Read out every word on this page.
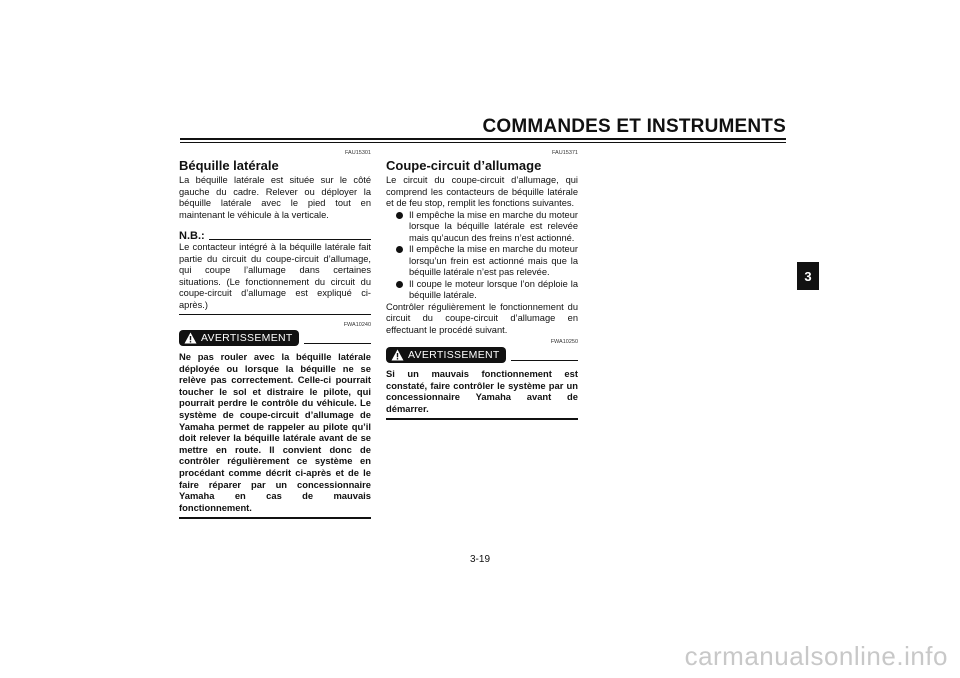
COMMANDES ET INSTRUMENTS
3
FAU15301
Béquille latérale

La béquille latérale est située sur le côté gauche du cadre. Relever ou déployer la béquille latérale avec le pied tout en maintenant le véhicule à la verticale.

N.B.:

Le contacteur intégré à la béquille latérale fait partie du circuit du coupe-circuit d’allumage, qui coupe l’allumage dans certaines situations. (Le fonctionnement du circuit du coupe-circuit d’allumage est expliqué ci-après.)

FWA10240
AVERTISSEMENT

Ne pas rouler avec la béquille latérale déployée ou lorsque la béquille ne se relève pas correctement. Celle-ci pourrait toucher le sol et distraire le pilote, qui pourrait perdre le contrôle du véhicule. Le système de coupe-circuit d’allumage de Yamaha permet de rappeler au pilote qu’il doit relever la béquille latérale avant de se mettre en route. Il convient donc de contrôler régulièrement ce système en procédant comme décrit ci-après et de le faire réparer par un concessionnaire Yamaha en cas de mauvais fonctionnement.

FAU15371
Coupe-circuit d’allumage

Le circuit du coupe-circuit d’allumage, qui comprend les contacteurs de béquille latérale et de feu stop, remplit les fonctions suivantes.

Il empêche la mise en marche du moteur lorsque la béquille latérale est relevée mais qu’aucun des freins n’est actionné.
Il empêche la mise en marche du moteur lorsqu’un frein est actionné mais que la béquille latérale n’est pas relevée.
Il coupe le moteur lorsque l’on déploie la béquille latérale.

Contrôler régulièrement le fonctionnement du circuit du coupe-circuit d’allumage en effectuant le procédé suivant.

FWA10250
AVERTISSEMENT

Si un mauvais fonctionnement est constaté, faire contrôler le système par un concessionnaire Yamaha avant de démarrer.

3-19
carmanualsonline.info
